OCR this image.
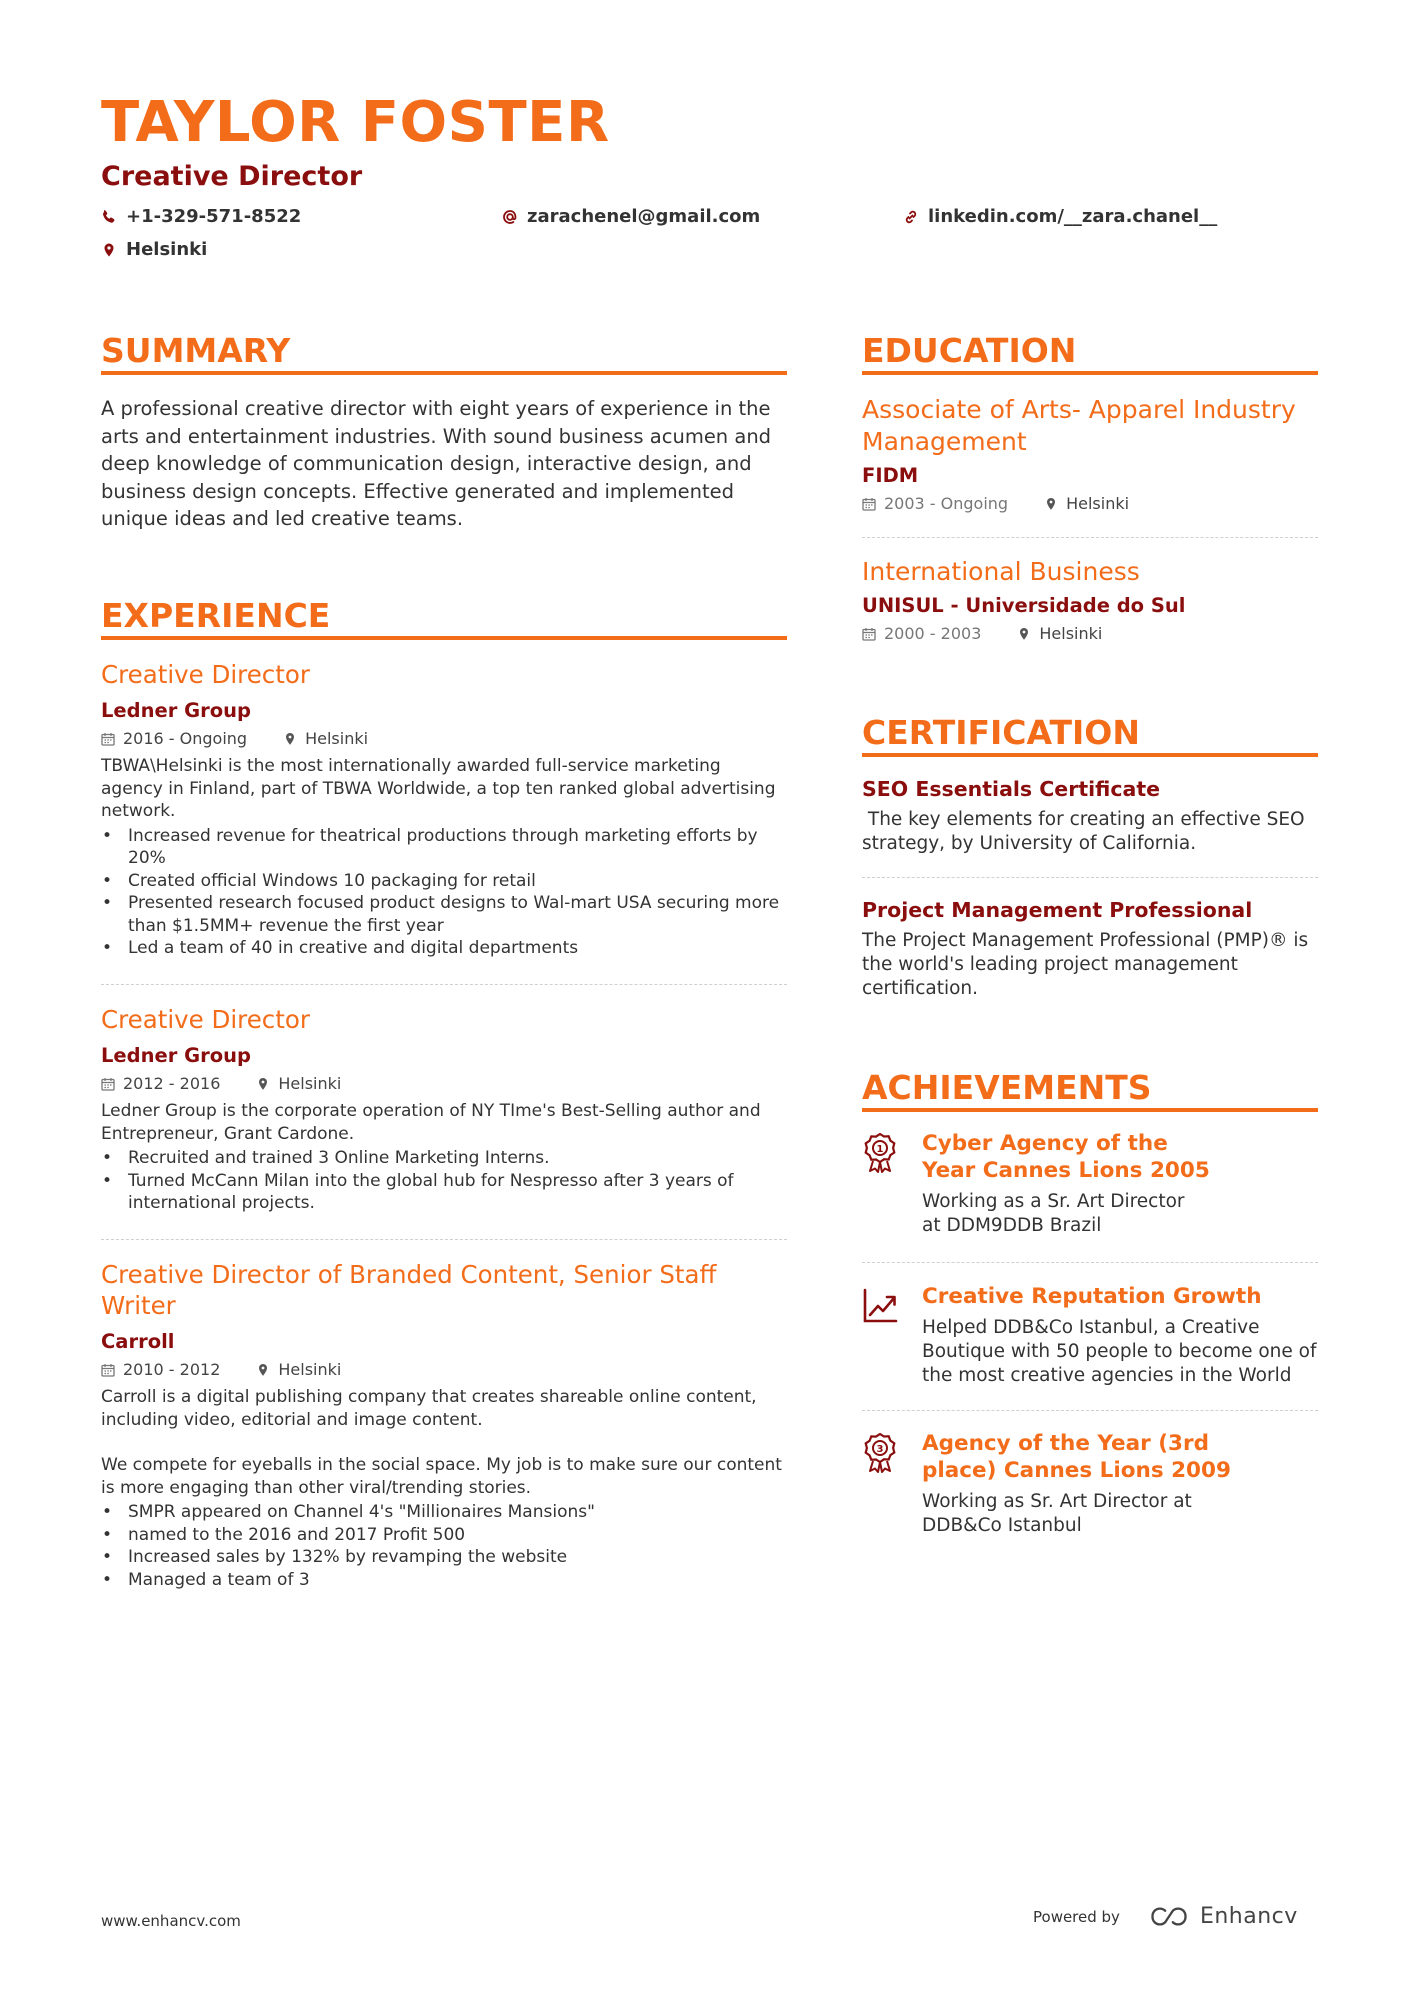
TAYLOR FOSTER
Creative Director
+1-329-571-8522	zarachenel@gmail.com	linkedin.com/__zara.chanel__
Helsinki
SUMMARY
A professional creative director with eight years of experience in the arts and entertainment industries. With sound business acumen and deep knowledge of communication design, interactive design, and business design concepts. Effective generated and implemented unique ideas and led creative teams.
EXPERIENCE
Creative Director
Ledner Group
2016 - Ongoing	Helsinki
TBWA\Helsinki is the most internationally awarded full-service marketing agency in Finland, part of TBWA Worldwide, a top ten ranked global advertising network.
• Increased revenue for theatrical productions through marketing efforts by 20%
• Created official Windows 10 packaging for retail
• Presented research focused product designs to Wal-mart USA securing more than $1.5MM+ revenue the first year
• Led a team of 40 in creative and digital departments
Creative Director
Ledner Group
2012 - 2016	Helsinki
Ledner Group is the corporate operation of NY TIme's Best-Selling author and Entrepreneur, Grant Cardone.
• Recruited and trained 3 Online Marketing Interns.
• Turned McCann Milan into the global hub for Nespresso after 3 years of international projects.
Creative Director of Branded Content, Senior Staff Writer
Carroll
2010 - 2012	Helsinki
Carroll is a digital publishing company that creates shareable online content, including video, editorial and image content.
We compete for eyeballs in the social space. My job is to make sure our content is more engaging than other viral/trending stories.
• SMPR appeared on Channel 4's "Millionaires Mansions"
• named to the 2016 and 2017 Profit 500
• Increased sales by 132% by revamping the website
• Managed a team of 3
EDUCATION
Associate of Arts- Apparel Industry Management
FIDM
2003 - Ongoing	Helsinki
International Business
UNISUL - Universidade do Sul
2000 - 2003	Helsinki
CERTIFICATION
SEO Essentials Certificate
The key elements for creating an effective SEO strategy, by University of California.
Project Management Professional
The Project Management Professional (PMP)® is the world's leading project management certification.
ACHIEVEMENTS
1 Cyber Agency of the Year Cannes Lions 2005
Working as a Sr. Art Director at DDM9DDB Brazil
Creative Reputation Growth
Helped DDB&Co Istanbul, a Creative Boutique with 50 people to become one of the most creative agencies in the World
3 Agency of the Year (3rd place) Cannes Lions 2009
Working as Sr. Art Director at DDB&Co Istanbul
www.enhancv.com	Powered by	Enhancv
